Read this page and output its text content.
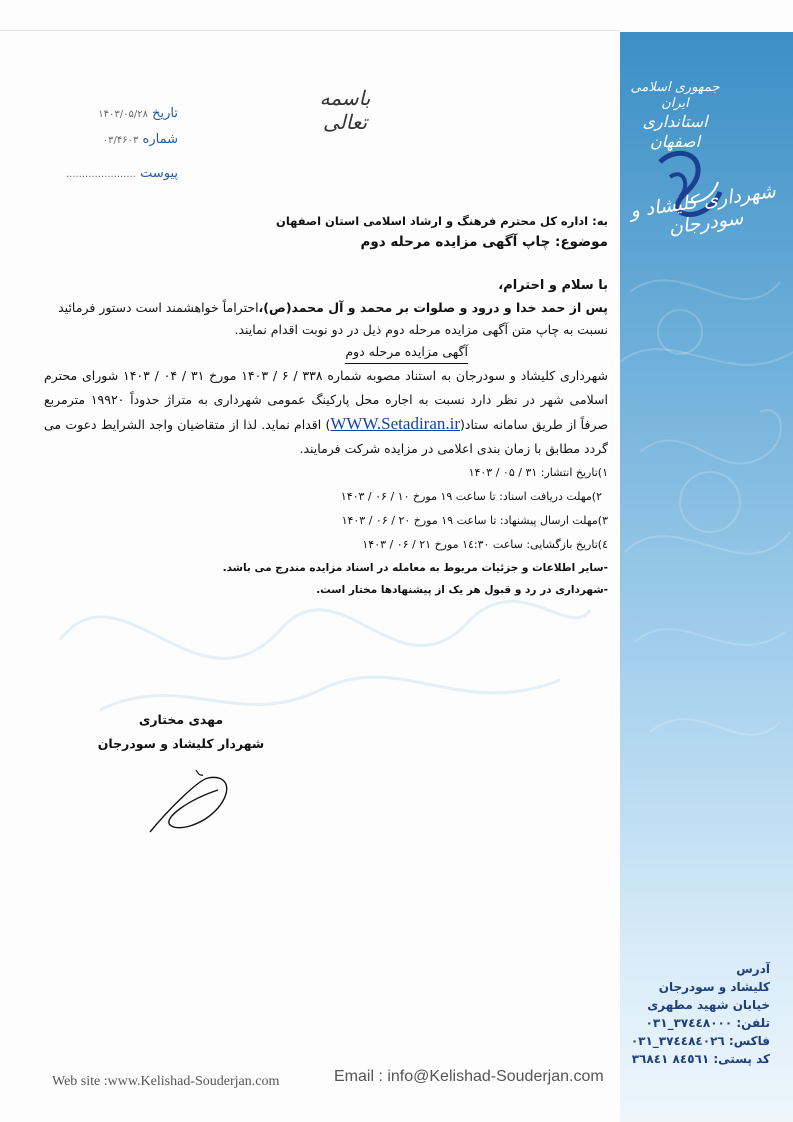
جمهوری اسلامی ایران
استانداری اصفهان
شهرداری کلیشاد و سودرجان
باسمه تعالی
تاریخ ۱۴۰۳/۰۵/۲۸
شماره ۰۳/۴۶۰۳
پیوست ......................
به: اداره کل محترم فرهنگ و ارشاد اسلامی استان اصفهان
موضوع: چاپ آگهی مزایده مرحله دوم
با سلام و احترام،
پس از حمد خدا و درود و صلوات بر محمد و آل محمد(ص)،احتراماً خواهشمند است دستور فرمائید
نسبت به چاپ متن آگهی مزایده مرحله دوم ذیل در دو نوبت اقدام نمایند.
آگهی مزایده مرحله دوم
شهرداری کلیشاد و سودرجان به استناد مصوبه شماره ۳۳۸ / ۶ / ۱۴۰۳ مورخ ۳۱ / ۰۴ / ۱۴۰۳ شورای محترم اسلامی شهر در نظر دارد نسبت به اجاره محل پارکینگ عمومی شهرداری به متراژ حدوداً ۱۹۹۲۰ مترمربع صرفاً از طریق سامانه ستاد(WWW.Setadiran.ir) اقدام نماید. لذا از متقاضیان واجد الشرایط دعوت می گردد مطابق با زمان بندی اعلامی در مزایده شرکت فرمایند.
۱)تاریخ انتشار: ۳۱ / ۰۵ / ۱۴۰۳
۲)مهلت دریافت اسناد: تا ساعت ۱۹ مورخ ۱۰ / ۰۶ / ۱۴۰۳
۳)مهلت ارسال پیشنهاد: تا ساعت ۱۹ مورخ ۲۰ / ۰۶ / ۱۴۰۳
٤)تاریخ بازگشایی: ساعت ١٤:٣٠ مورخ ۲۱ / ۰۶ / ۱۴۰۳
-سایر اطلاعات و جزئیات مربوط به معامله در اسناد مزایده مندرج می باشد.
-شهرداری در رد و قبول هر یک از پیشنهادها مختار است.
مهدی مختاری
شهردار کلیشاد و سودرجان
آدرس
کلیشاد و سودرجان
خیابان شهید مطهری
تلفن: ۳۷٤٤۸۰۰۰_۰۳۱
فاکس: ۳۷٤٤٨٤٠٢٦_۰۳۱
کد پستی: ٨٤٥٦١ ٣٦٨٤١
Web site :www.Kelishad-Souderjan.com	Email : info@Kelishad-Souderjan.com
